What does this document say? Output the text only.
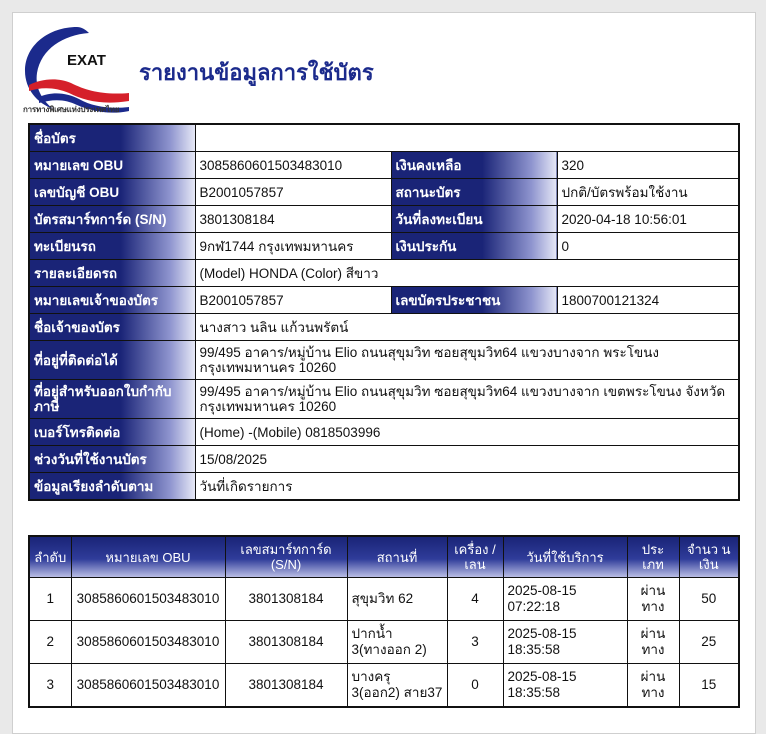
EXAT
การทางพิเศษแห่งประเทศไทย
รายงานข้อมูลการใช้บัตร
ชื่อบัตร			
หมายเลข OBU	3085860601503483010	เงินคงเหลือ	320
เลขบัญชี OBU	B2001057857	สถานะบัตร	ปกติ/บัตรพร้อมใช้งาน
บัตรสมาร์ทการ์ด (S/N)	3801308184	วันที่ลงทะเบียน	2020-04-18 10:56:01
ทะเบียนรถ	9กฬ1744 กรุงเทพมหานคร	เงินประกัน	0
รายละเอียดรถ	(Model) HONDA (Color) สีขาว		
หมายเลขเจ้าของบัตร	B2001057857	เลขบัตรประชาชน	1800700121324
ชื่อเจ้าของบัตร	นางสาว นลิน แก้วนพรัตน์		
ที่อยู่ที่ติดต่อได้	99/495 อาคาร/หมู่บ้าน Elio ถนนสุขุมวิท ซอยสุขุมวิท64 แขวงบางจาก พระโขนง กรุงเทพมหานคร 10260		
ที่อยู่สำหรับออกใบกำกับภาษี	99/495 อาคาร/หมู่บ้าน Elio ถนนสุขุมวิท ซอยสุขุมวิท64 แขวงบางจาก เขตพระโขนง จังหวัดกรุงเทพมหานคร 10260		
เบอร์โทรติดต่อ	(Home) -(Mobile) 0818503996		
ช่วงวันที่ใช้งานบัตร	15/08/2025		
ข้อมูลเรียงลำดับตาม	วันที่เกิดรายการ		
ลำดับ	หมายเลข OBU	เลขสมาร์ทการ์ด (S/N)	สถานที่	เครื่อง /เลน	วันที่ใช้บริการ	ประ เภท	จำนว นเงิน
1	3085860601503483010	3801308184	สุขุมวิท 62	4	2025-08-15 07:22:18	ผ่าน ทาง	50
2	3085860601503483010	3801308184	ปากน้ำ 3(ทางออก 2)	3	2025-08-15 18:35:58	ผ่าน ทาง	25
3	3085860601503483010	3801308184	บางครุ 3(ออก2) สาย37	0	2025-08-15 18:35:58	ผ่าน ทาง	15
